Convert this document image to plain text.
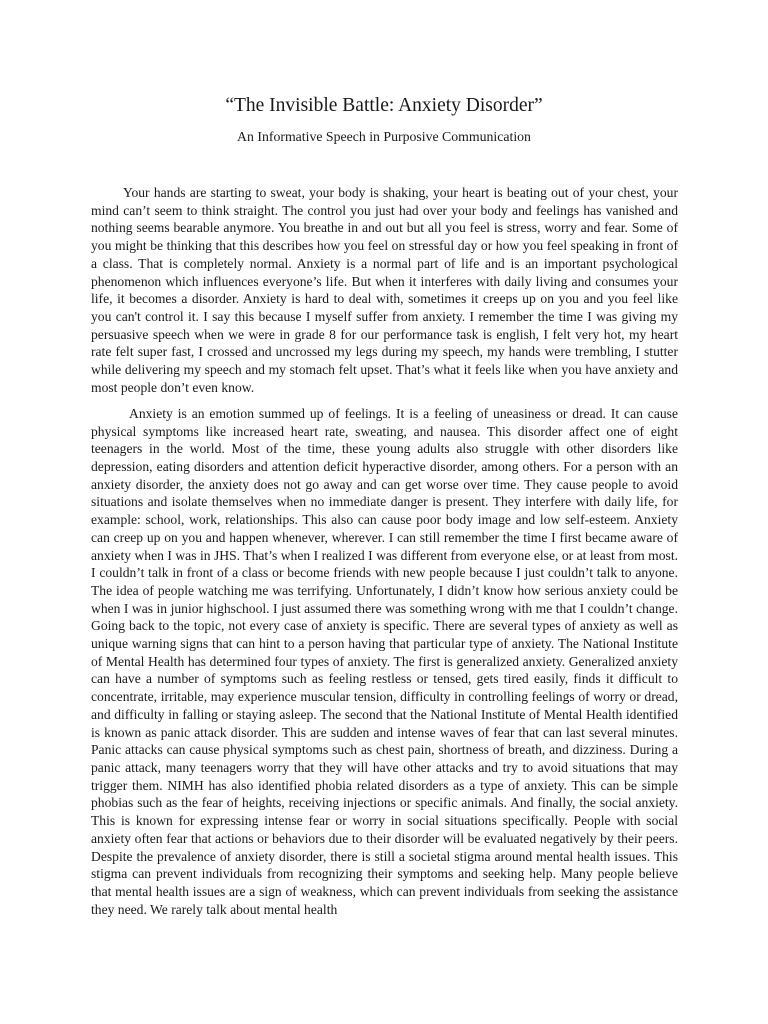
“The Invisible Battle: Anxiety Disorder”

An Informative Speech in Purposive Communication

Your hands are starting to sweat, your body is shaking, your heart is beating out of your chest, your mind can’t seem to think straight. The control you just had over your body and feelings has vanished and nothing seems bearable anymore. You breathe in and out but all you feel is stress, worry and fear. Some of you might be thinking that this describes how you feel on stressful day or how you feel speaking in front of a class. That is completely normal. Anxiety is a normal part of life and is an important psychological phenomenon which influences everyone’s life. But when it interferes with daily living and consumes your life, it becomes a disorder. Anxiety is hard to deal with, sometimes it creeps up on you and you feel like you can't control it. I say this because I myself suffer from anxiety. I remember the time I was giving my persuasive speech when we were in grade 8 for our performance task is english, I felt very hot, my heart rate felt super fast, I crossed and uncrossed my legs during my speech, my hands were trembling, I stutter while delivering my speech and my stomach felt upset. That’s what it feels like when you have anxiety and most people don’t even know.

Anxiety is an emotion summed up of feelings. It is a feeling of uneasiness or dread. It can cause physical symptoms like increased heart rate, sweating, and nausea. This disorder affect one of eight teenagers in the world. Most of the time, these young adults also struggle with other disorders like depression, eating disorders and attention deficit hyperactive disorder, among others. For a person with an anxiety disorder, the anxiety does not go away and can get worse over time. They cause people to avoid situations and isolate themselves when no immediate danger is present. They interfere with daily life, for example: school, work, relationships. This also can cause poor body image and low self-esteem. Anxiety can creep up on you and happen whenever, wherever. I can still remember the time I first became aware of anxiety when I was in JHS. That’s when I realized I was different from everyone else, or at least from most. I couldn’t talk in front of a class or become friends with new people because I just couldn’t talk to anyone. The idea of people watching me was terrifying. Unfortunately, I didn’t know how serious anxiety could be when I was in junior highschool. I just assumed there was something wrong with me that I couldn’t change. Going back to the topic, not every case of anxiety is specific. There are several types of anxiety as well as unique warning signs that can hint to a person having that particular type of anxiety. The National Institute of Mental Health has determined four types of anxiety. The first is generalized anxiety. Generalized anxiety can have a number of symptoms such as feeling restless or tensed, gets tired easily, finds it difficult to concentrate, irritable, may experience muscular tension, difficulty in controlling feelings of worry or dread, and difficulty in falling or staying asleep. The second that the National Institute of Mental Health identified is known as panic attack disorder. This are sudden and intense waves of fear that can last several minutes. Panic attacks can cause physical symptoms such as chest pain, shortness of breath, and dizziness. During a panic attack, many teenagers worry that they will have other attacks and try to avoid situations that may trigger them. NIMH has also identified phobia related disorders as a type of anxiety. This can be simple phobias such as the fear of heights, receiving injections or specific animals. And finally, the social anxiety. This is known for expressing intense fear or worry in social situations specifically. People with social anxiety often fear that actions or behaviors due to their disorder will be evaluated negatively by their peers. Despite the prevalence of anxiety disorder, there is still a societal stigma around mental health issues. This stigma can prevent individuals from recognizing their symptoms and seeking help. Many people believe that mental health issues are a sign of weakness, which can prevent individuals from seeking the assistance they need. We rarely talk about mental health
